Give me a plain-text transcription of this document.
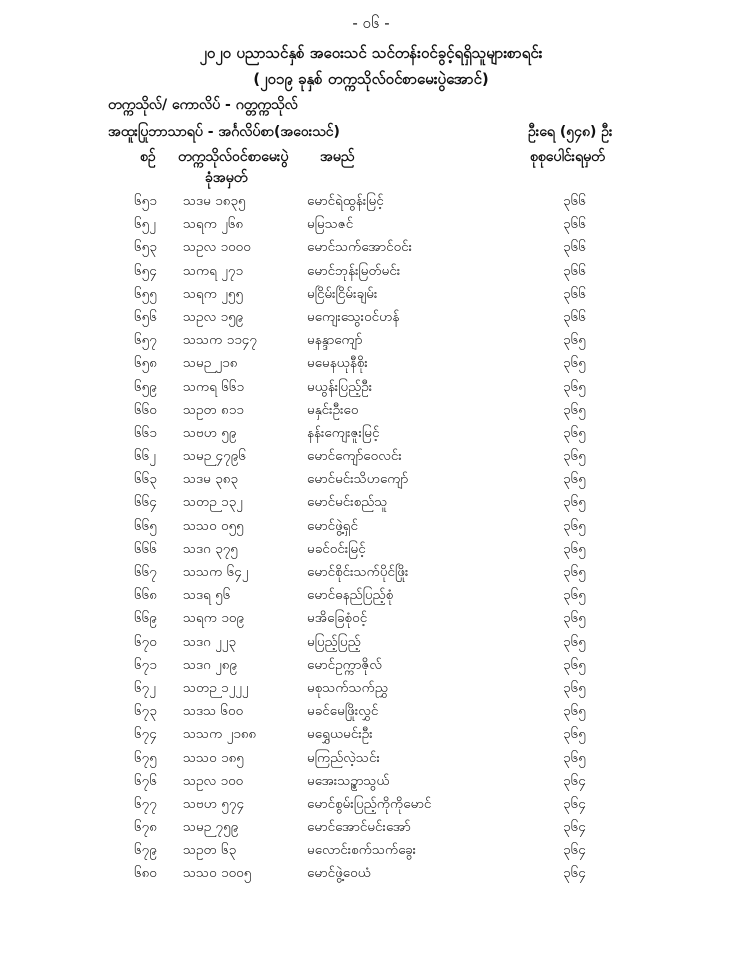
- ၀၆ -
၂၀၂၀ ပညာသင်နှစ် အဝေးသင် သင်တန်းဝင်ခွင့်ရရှိသူများစာရင်း
(၂၀၁၉ ခုနှစ် တက္ကသိုလ်ဝင်စာမေးပွဲအောင်)
တက္ကသိုလ်/ ကောလိပ် - ဂတ္တက္ကသိုလ်
အထူးပြုဘာသာရပ် - အင်္ဂလိပ်စာ(အဝေးသင်)	ဦးရေ (၅၄၈) ဦး
စဉ် တက္ကသိုလ်ဝင်စာမေးပွဲ
ခုံအမှတ်
အမည်	စုစုပေါင်းရမှတ်
၆၅၁ သဒမ ၁၈၃၅	မောင်ရဲထွန်းမြင့်	၃၆၆
၆၅၂ သရက ၂၆၈	မမြသဇင်	၃၆၆
၆၅၃ သဥလ ၁၀၀၀	မောင်သက်အောင်ဝင်း	၃၆၆
၆၅၄ သကရ ၂၇၁	မောင်ဘုန်းမြတ်မင်း	၃၆၆
၆၅၅ သရက ၂၅၅	မငြိမ်းငြိမ်းချမ်း	၃၆၆
၆၅၆ သဥလ ၁၅၉	မကျေးသွေးဝင်ဟန်	၃၆၆
၆၅၇ သသက ၁၁၄၇	မနန္ဒာကျော်	၃၆၅
၆၅၈ သမဉ ၂၁၈	မမေနယုနီစိုး	၃၆၅
၆၅၉ သကရ ၆၆၁	မယွန်းပြည့်ဦး	၃၆၅
၆၆၀ သဥတ ၈၁၁	မနှင်းဦးဝေ	၃၆၅
၆၆၁ သဗဟ ၅၉	နန်းကျေးဇူးမြင့်	၃၆၅
၆၆၂ သမဉ ၄၇၉၆	မောင်ကျော်ဝေလင်း	၃၆၅
၆၆၃ သဒမ ၃၈၃	မောင်မင်းသိဟကျော်	၃၆၅
၆၆၄ သတဉ ၁၃၂	မောင်မင်းစည်သူ	၃၆၅
၆၆၅ သသဝ ၀၅၅	မောင်ဖွဲ့ရှင်	၃၆၅
၆၆၆ သဒဂ ၃၇၅	မခင်ဝင်းမြင့်	၃၆၅
၆၆၇ သသက ၆၄၂	မောင်စိုင်းသက်ပိုင်ဖြိုး	၃၆၅
၆၆၈ သဒရ ၅၆	မောင်ဓနည်ပြည့်စုံ	၃၆၅
၆၆၉ သရက ၁၀၉	မအိခြေစုံဝင့်	၃၆၅
၆၇၀ သဒဂ ၂၂၃	မပြည့်ပြည့်	၃၆၅
၆၇၁ သဒဂ ၂၈၉	မောင်ဥက္ကာဇိုလ်	၃၆၅
၆၇၂ သတဉ ၁၂၂၂	မစုသက်သက်ညွှ	၃၆၅
၆၇၃ သဒသ ၆၀၀	မခင်မေဖြိုးလွှင်	၃၆၅
၆၇၄ သသက ၂၁၈၈	မရွှေယမင်းဦး	၃၆၅
၆၇၅ သသဝ ၁၈၅	မကြည်လဲ့သင်း	၃၆၅
၆၇၆ သဥလ ၁၀၀	မအေးသဥ္စာသွယ်	၃၆၄
၆၇၇ သဗဟ ၅၇၄	မောင်စွမ်းပြည့်ကိုကိုမောင်	၃၆၄
၆၇၈ သမဉ ၇၅၉	မောင်အောင်မင်းအော်	၃၆၄
၆၇၉ သဥတ ၆၃	မလောင်းစက်သက်ခွေး	၃၆၄
၆၈၀ သသဝ ၁၀၀၅	မောင်ဖွဲ့ဝေယံ	၃၆၄
